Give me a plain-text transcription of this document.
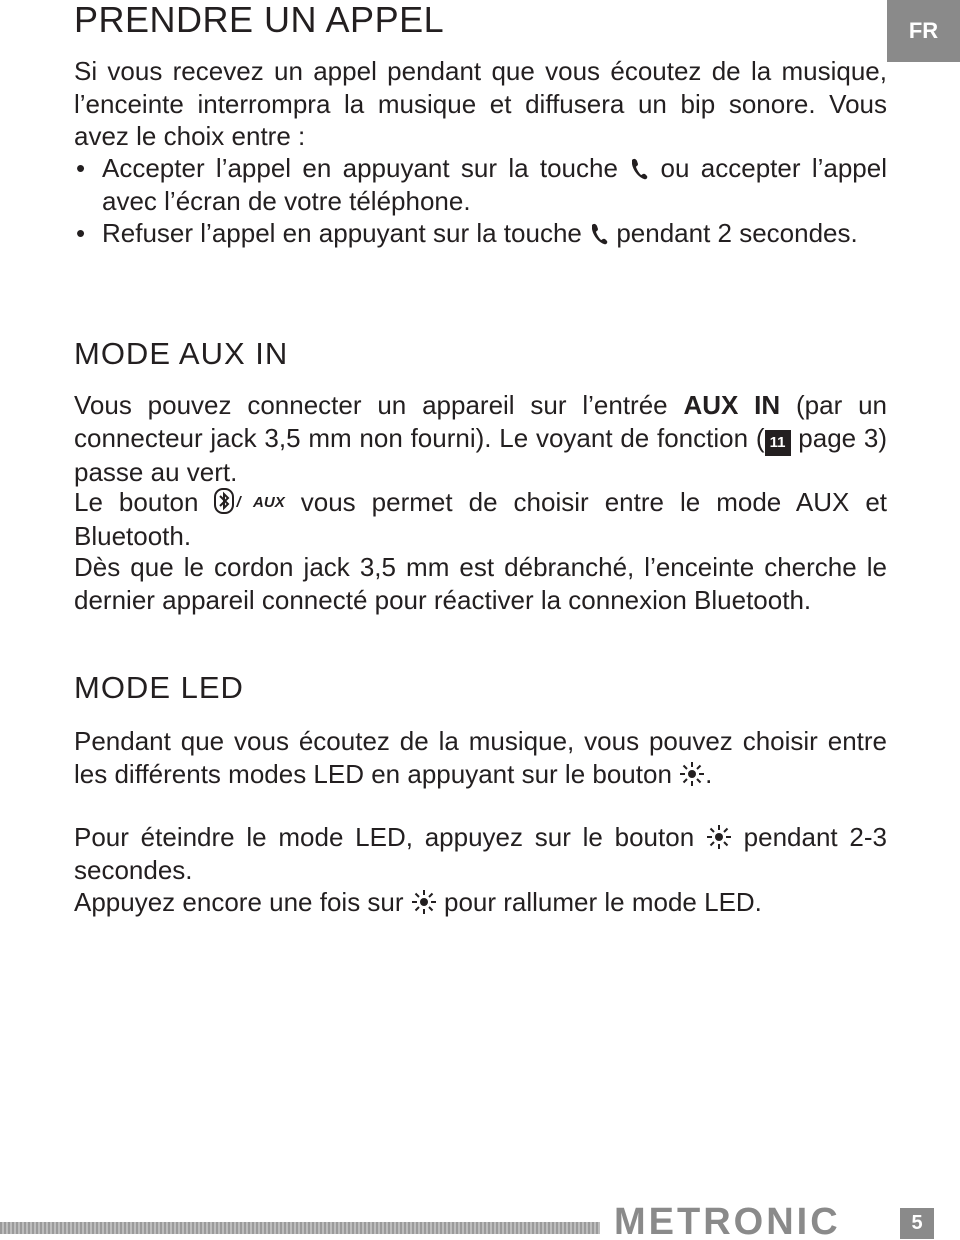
FR
PRENDRE UN APPEL

Si vous recevez un appel pendant que vous écoutez de la musique, l’enceinte interrompra la musique et diffusera un bip sonore. Vous avez le choix entre :

• Accepter l’appel en appuyant sur la touche  ou accepter l’appel avec l’écran de votre téléphone.
• Refuser l’appel en appuyant sur la touche  pendant 2 secondes.
MODE AUX IN

Vous pouvez connecter un appareil sur l’entrée AUX IN (par un connecteur jack 3,5 mm non fourni). Le voyant de fonction ( 11 page 3) passe au vert.

Le bouton / AUX vous permet de choisir entre le mode AUX et Bluetooth.

Dès que le cordon jack 3,5 mm est débranché, l’enceinte cherche le dernier appareil connecté pour réactiver la connexion Bluetooth.

MODE LED

Pendant que vous écoutez de la musique, vous pouvez choisir entre les différents modes LED en appuyant sur le bouton .

Pour éteindre le mode LED, appuyez sur le bouton  pendant 2-3 secondes.

Appuyez encore une fois sur  pour rallumer le mode LED.

METRONIC	5
